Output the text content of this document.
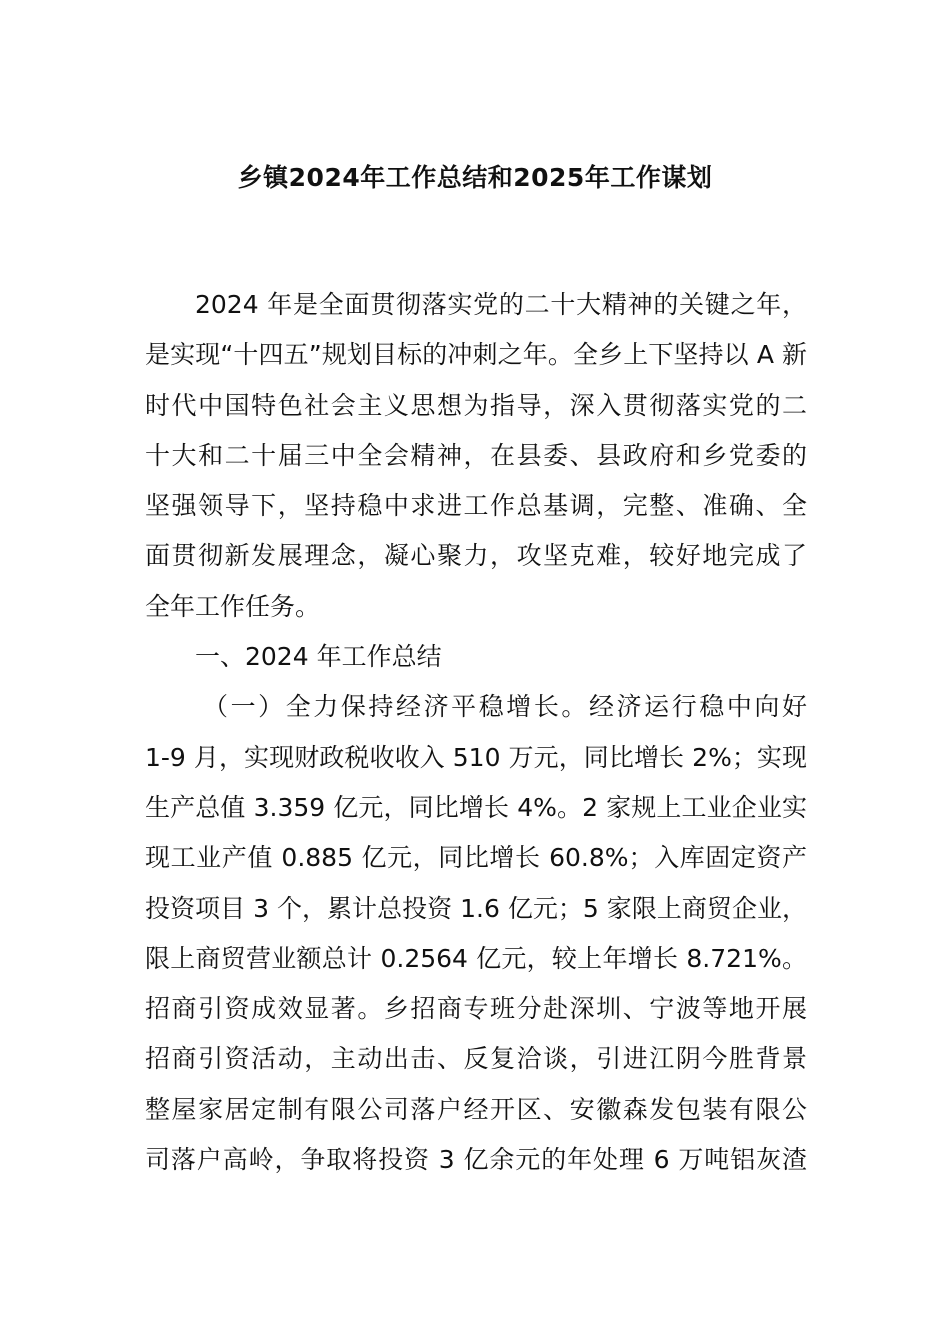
乡镇2024年工作总结和2025年工作谋划
2024 年是全面贯彻落实党的二十大精神的关键之年，
是实现“十四五”规划目标的冲刺之年。全乡上下坚持以 A 新
时代中国特色社会主义思想为指导，深入贯彻落实党的二
十大和二十届三中全会精神，在县委、县政府和乡党委的
坚强领导下，坚持稳中求进工作总基调，完整、准确、全
面贯彻新发展理念，凝心聚力，攻坚克难，较好地完成了
全年工作任务。
一、2024 年工作总结
（一）全力保持经济平稳增长。经济运行稳中向好
1-9 月，实现财政税收收入 510 万元，同比增长 2%；实现
生产总值 3.359 亿元，同比增长 4%。2 家规上工业企业实
现工业产值 0.885 亿元，同比增长 60.8%；入库固定资产
投资项目 3 个，累计总投资 1.6 亿元；5 家限上商贸企业，
限上商贸营业额总计 0.2564 亿元，较上年增长 8.721%。
招商引资成效显著。乡招商专班分赴深圳、宁波等地开展
招商引资活动，主动出击、反复洽谈，引进江阴今胜背景
整屋家居定制有限公司落户经开区、安徽森发包装有限公
司落户高岭，争取将投资 3 亿余元的年处理 6 万吨铝灰渣
